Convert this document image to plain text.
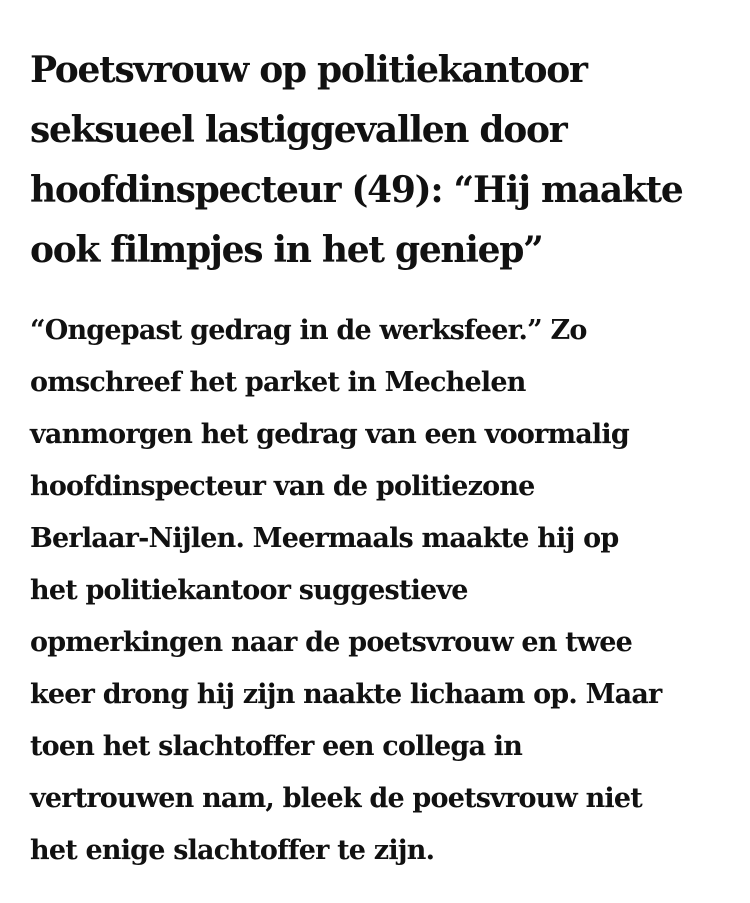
Poetsvrouw op politiekantoor
seksueel lastiggevallen door
hoofdinspecteur (49): “Hij maakte
ook filmpjes in het geniep”

“Ongepast gedrag in de werksfeer.” Zo
omschreef het parket in Mechelen
vanmorgen het gedrag van een voormalig
hoofdinspecteur van de politiezone
Berlaar-Nijlen. Meermaals maakte hij op
het politiekantoor suggestieve
opmerkingen naar de poetsvrouw en twee
keer drong hij zijn naakte lichaam op. Maar
toen het slachtoffer een collega in
vertrouwen nam, bleek de poetsvrouw niet
het enige slachtoffer te zijn.
